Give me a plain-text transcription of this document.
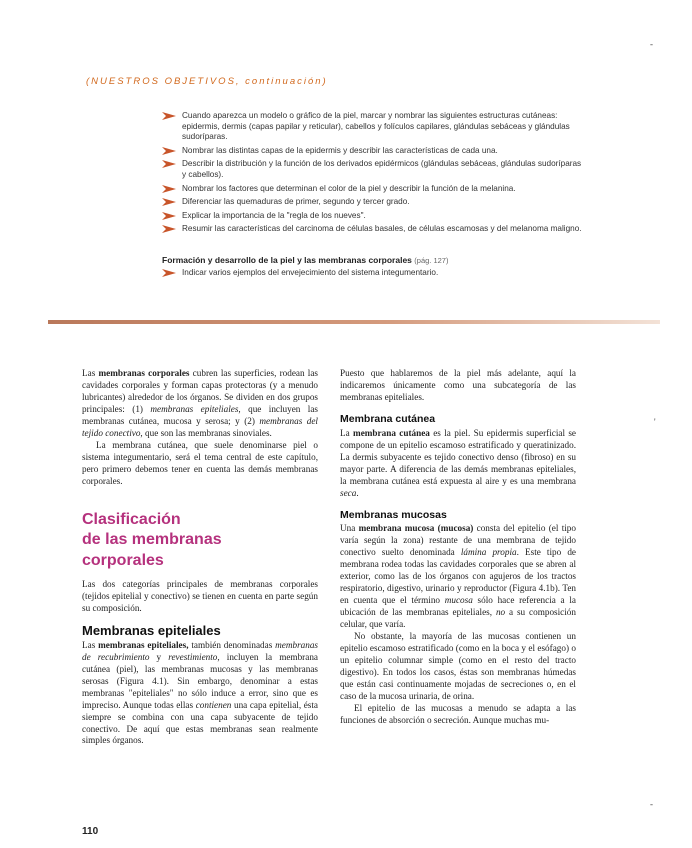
-
'
-
(NUESTROS OBJETIVOS, continuación)
Cuando aparezca un modelo o gráfico de la piel, marcar y nombrar las siguientes estructuras cutáneas: epidermis, dermis (capas papilar y reticular), cabellos y folículos capilares, glándulas sebáceas y glándulas sudoríparas.
Nombrar las distintas capas de la epidermis y describir las características de cada una.
Describir la distribución y la función de los derivados epidérmicos (glándulas sebáceas, glándulas sudoríparas y cabellos).
Nombrar los factores que determinan el color de la piel y describir la función de la melanina.
Diferenciar las quemaduras de primer, segundo y tercer grado.
Explicar la importancia de la "regla de los nueves".
Resumir las características del carcinoma de células basales, de células escamosas y del melanoma maligno.
Formación y desarrollo de la piel y las membranas corporales (pág. 127)
Indicar varios ejemplos del envejecimiento del sistema integumentario.

Las membranas corporales cubren las superficies, rodean las cavidades corporales y forman capas protectoras (y a menudo lubricantes) alrededor de los órganos. Se dividen en dos grupos principales: (1) membranas epiteliales, que incluyen las membranas cutánea, mucosa y serosa; y (2) membranas del tejido conectivo, que son las membranas sinoviales.

La membrana cutánea, que suele denominarse piel o sistema integumentario, será el tema central de este capítulo, pero primero debemos tener en cuenta las demás membranas corporales.

Clasificación
de las membranas
corporales

Las dos categorías principales de membranas corporales (tejidos epitelial y conectivo) se tienen en cuenta en parte según su composición.

Membranas epiteliales

Las membranas epiteliales, también denominadas membranas de recubrimiento y revestimiento, incluyen la membrana cutánea (piel), las membranas mucosas y las membranas serosas (Figura 4.1). Sin embargo, denominar a estas membranas "epiteliales" no sólo induce a error, sino que es impreciso. Aunque todas ellas contienen una capa epitelial, ésta siempre se combina con una capa subyacente de tejido conectivo. De aquí que estas membranas sean realmente simples órganos.

Puesto que hablaremos de la piel más adelante, aquí la indicaremos únicamente como una subcategoría de las membranas epiteliales.

Membrana cutánea

La membrana cutánea es la piel. Su epidermis superficial se compone de un epitelio escamoso estratificado y queratinizado. La dermis subyacente es tejido conectivo denso (fibroso) en su mayor parte. A diferencia de las demás membranas epiteliales, la membrana cutánea está expuesta al aire y es una membrana seca.

Membranas mucosas

Una membrana mucosa (mucosa) consta del epitelio (el tipo varía según la zona) restante de una membrana de tejido conectivo suelto denominada lámina propia. Este tipo de membrana rodea todas las cavidades corporales que se abren al exterior, como las de los órganos con agujeros de los tractos respiratorio, digestivo, urinario y reproductor (Figura 4.1b). Ten en cuenta que el término mucosa sólo hace referencia a la ubicación de las membranas epiteliales, no a su composición celular, que varía.

No obstante, la mayoría de las mucosas contienen un epitelio escamoso estratificado (como en la boca y el esófago) o un epitelio columnar simple (como en el resto del tracto digestivo). En todos los casos, éstas son membranas húmedas que están casi continuamente mojadas de secreciones o, en el caso de la mucosa urinaria, de orina.

El epitelio de las mucosas a menudo se adapta a las funciones de absorción o secreción. Aunque muchas mu-

110
